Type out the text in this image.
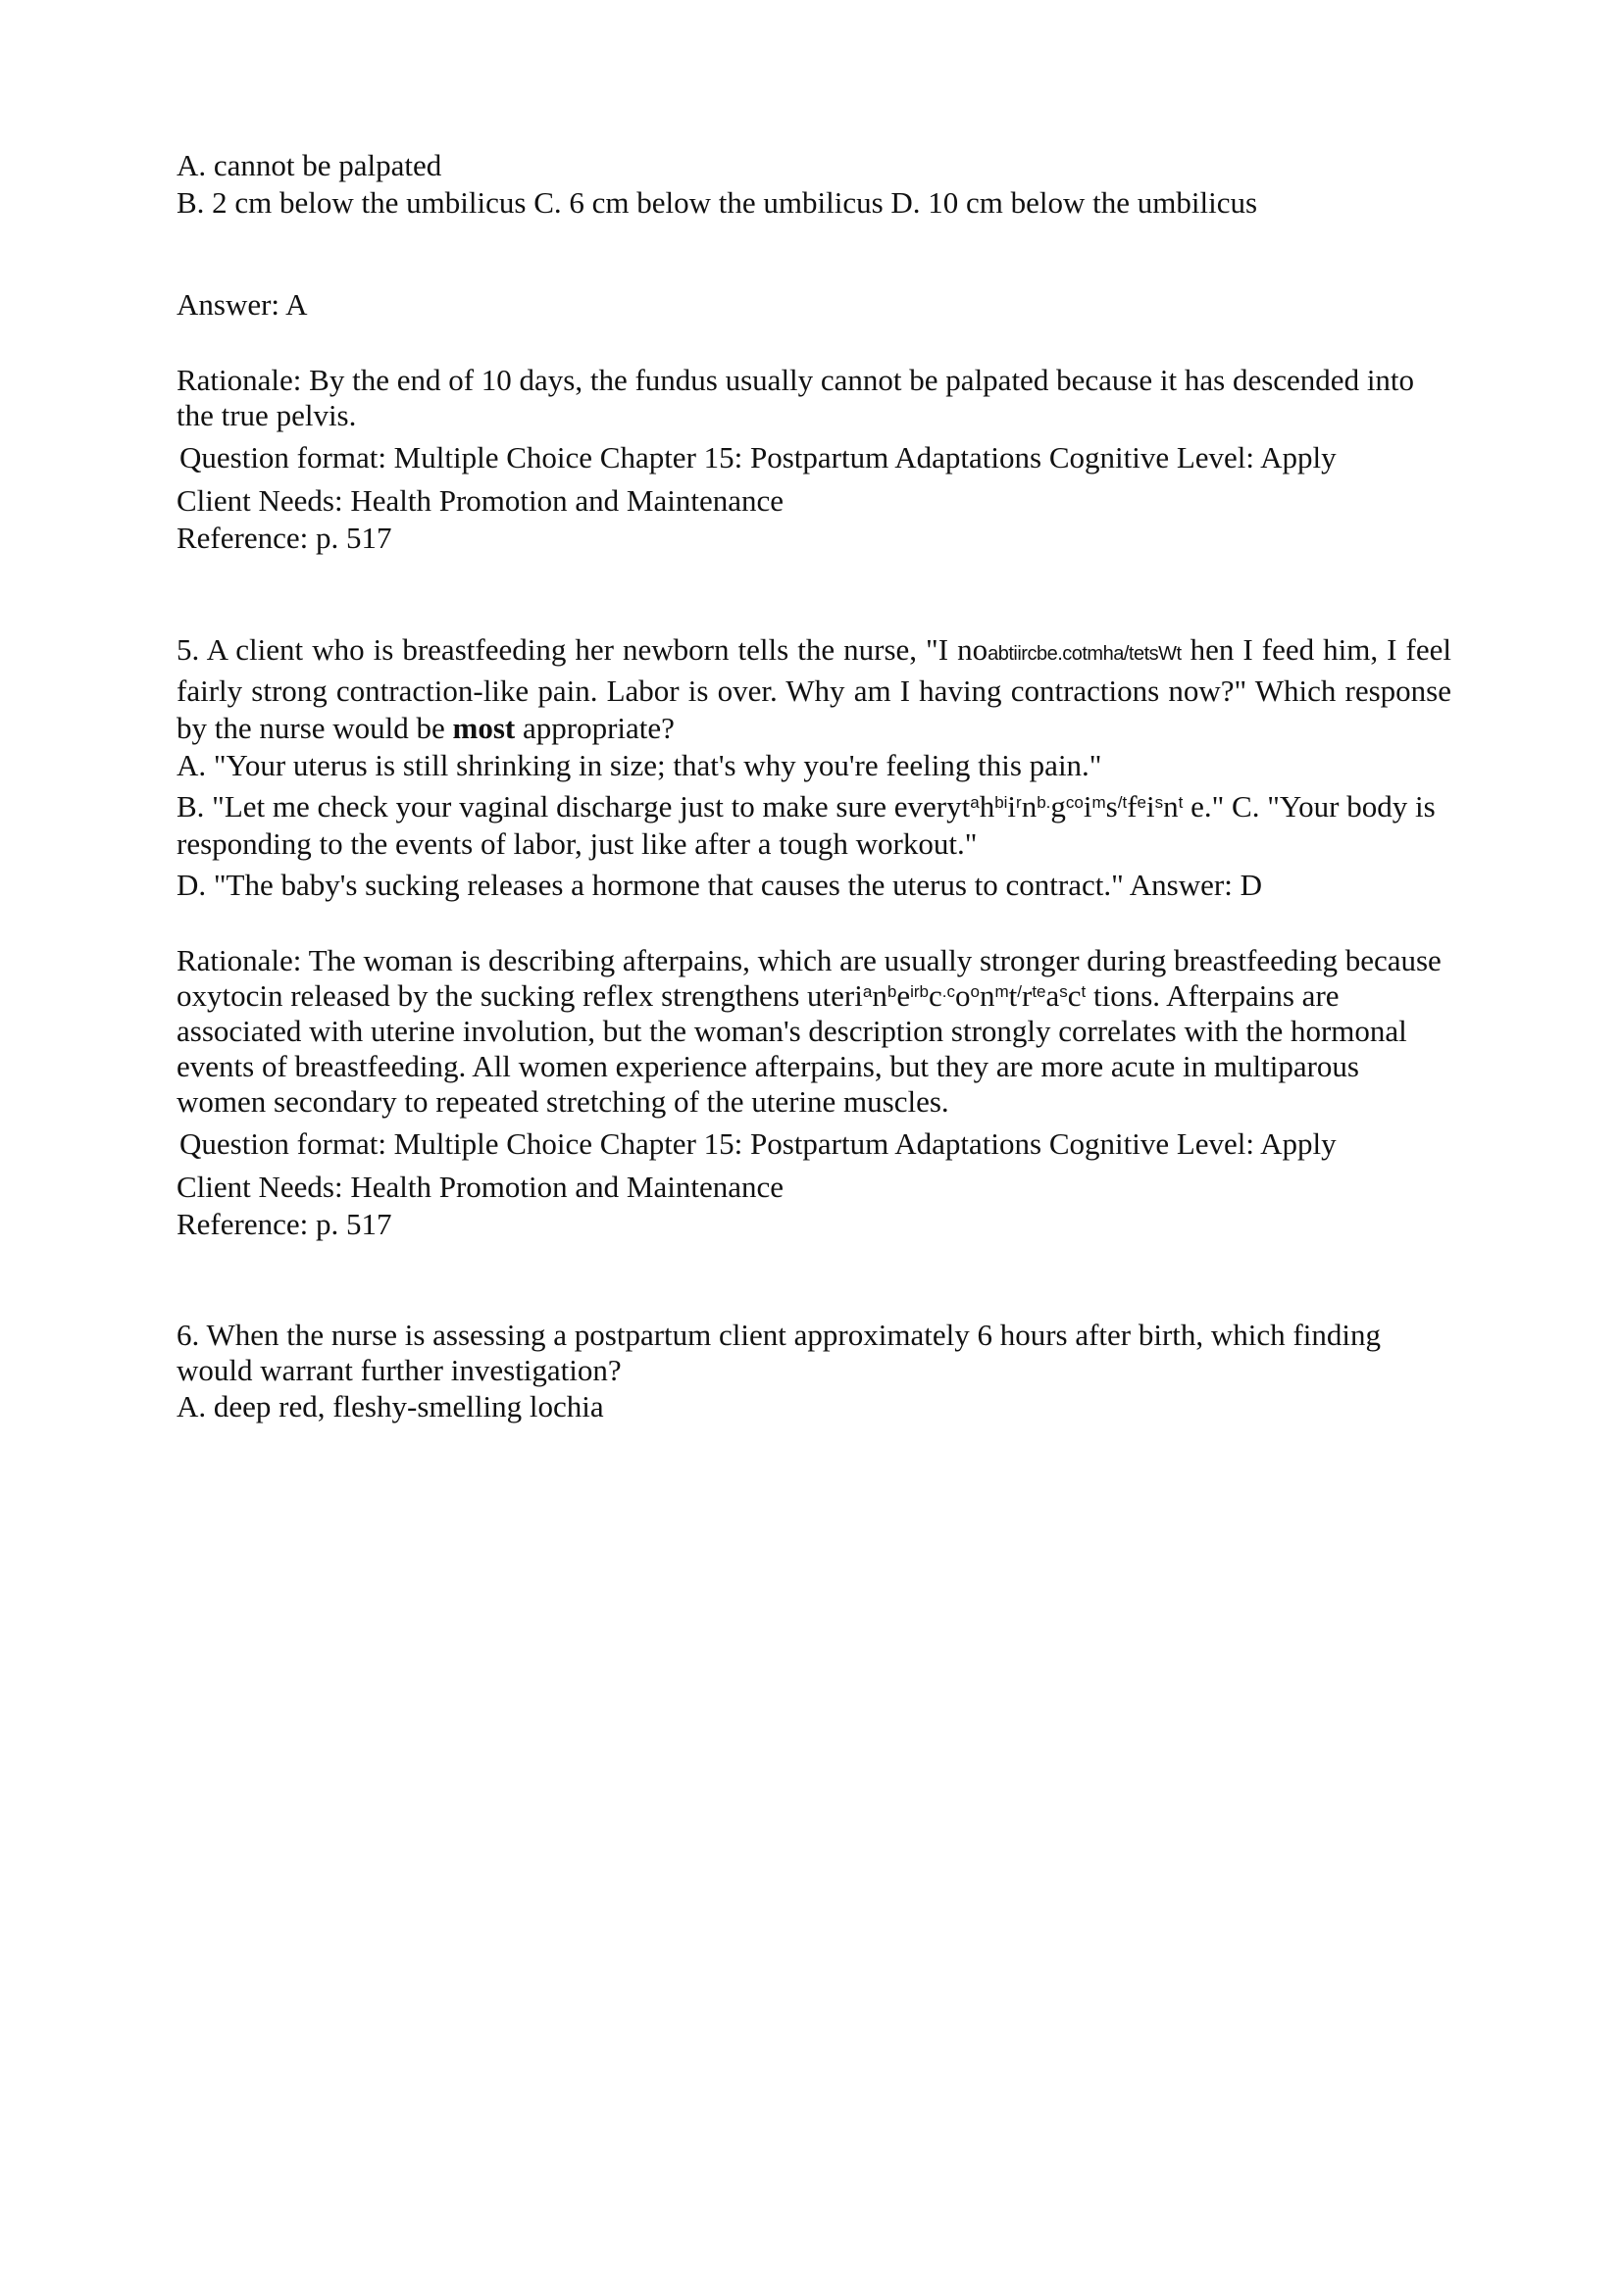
A. cannot be palpated

B. 2 cm below the umbilicus C. 6 cm below the umbilicus D. 10 cm below the umbilicus

Answer: A

Rationale: By the end of 10 days, the fundus usually cannot be palpated because it has descended into the true pelvis.

Question format: Multiple Choice Chapter 15: Postpartum Adaptations Cognitive Level: Apply

Client Needs: Health Promotion and Maintenance

Reference: p. 517

5. A client who is breastfeeding her newborn tells the nurse, "I noabtiircbe.cotmha/tetsWt hen I feed him, I feel fairly strong contraction-like pain. Labor is over. Why am I having contractions now?" Which response by the nurse would be most appropriate?

A. "Your uterus is still shrinking in size; that's why you're feeling this pain."

B. "Let me check your vaginal discharge just to make sure $everyt^ah^{bi}i^rn^{b.}g^{co}i^ms^{/t}f^ei^sn^t$ e." C. "Your body is responding to the events of labor, just like after a tough workout."

D. "The baby's sucking releases a hormone that causes the uterus to contract." Answer: D

Rationale: The woman is describing afterpains, which are usually stronger during breastfeeding because oxytocin released by the sucking reflex strengthens $uteri^an^be^{irb}c^{.c}o^on^mt^/r^{te}a^sc^t$ tions. Afterpains are associated with uterine involution, but the woman's description strongly correlates with the hormonal events of breastfeeding. All women experience afterpains, but they are more acute in multiparous women secondary to repeated stretching of the uterine muscles.

Question format: Multiple Choice Chapter 15: Postpartum Adaptations Cognitive Level: Apply

Client Needs: Health Promotion and Maintenance

Reference: p. 517

6. When the nurse is assessing a postpartum client approximately 6 hours after birth, which finding would warrant further investigation?

A. deep red, fleshy-smelling lochia
